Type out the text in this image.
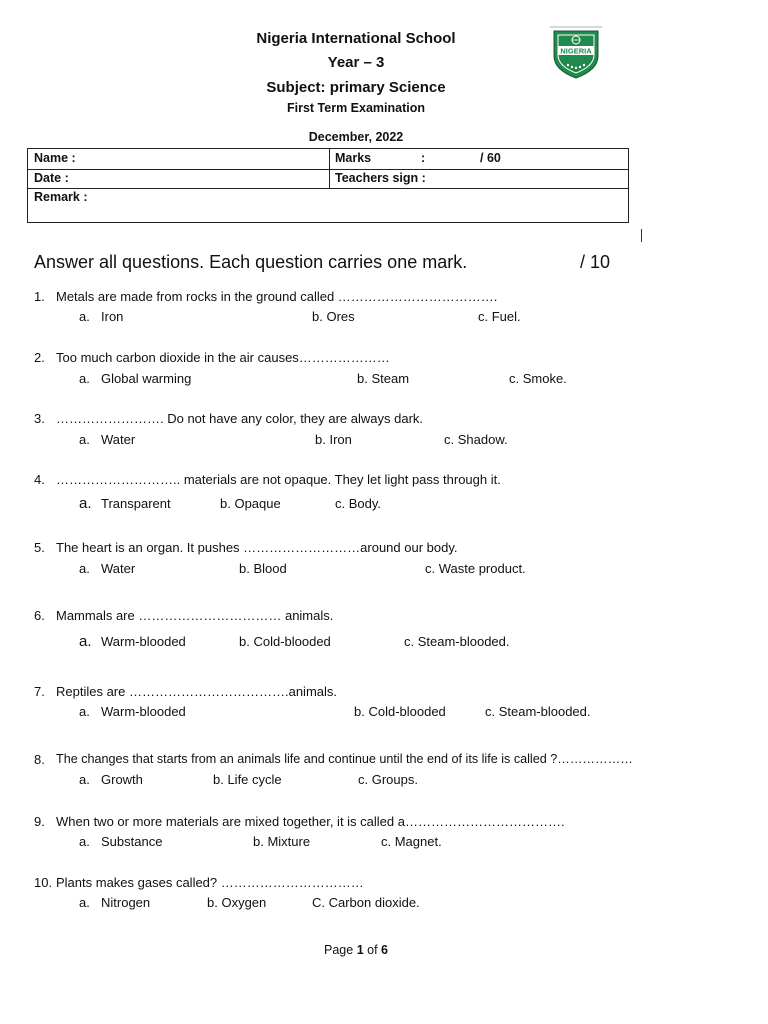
Nigeria International School
Year – 3
Subject: primary Science
First Term Examination
December, 2022
NIGERIA
Name :	Marks	:	/ 60
Date :	Teachers sign :
Remark :
Answer all questions. Each question carries one mark.	/ 10
1. Metals are made from rocks in the ground called ……………………………….
a. Iron	b. Ores	c. Fuel.
2. Too much carbon dioxide in the air causes…………………
a. Global warming	b. Steam	c. Smoke.
3. ……………………. Do not have any color, they are always dark.
a. Water	b. Iron	c. Shadow.
4. ……………………….. materials are not opaque. They let light pass through it.
a. Transparent	b. Opaque	c. Body.
5. The heart is an organ. It pushes ………………………around our body.
a. Water	b. Blood	c. Waste product.
6. Mammals are …………………………… animals.
a. Warm-blooded	b. Cold-blooded	c. Steam-blooded.
7. Reptiles are ……………………………….animals.
a. Warm-blooded	b. Cold-blooded	c. Steam-blooded.
8. The changes that starts from an animals life and continue until the end of its life is called ?………………
a. Growth	b. Life cycle	c. Groups.
9. When two or more materials are mixed together, it is called a……………………………….
a. Substance	b. Mixture	c. Magnet.
10. Plants makes gases called? ……………………………
a. Nitrogen	b. Oxygen	C. Carbon dioxide.
Page 1 of 6
